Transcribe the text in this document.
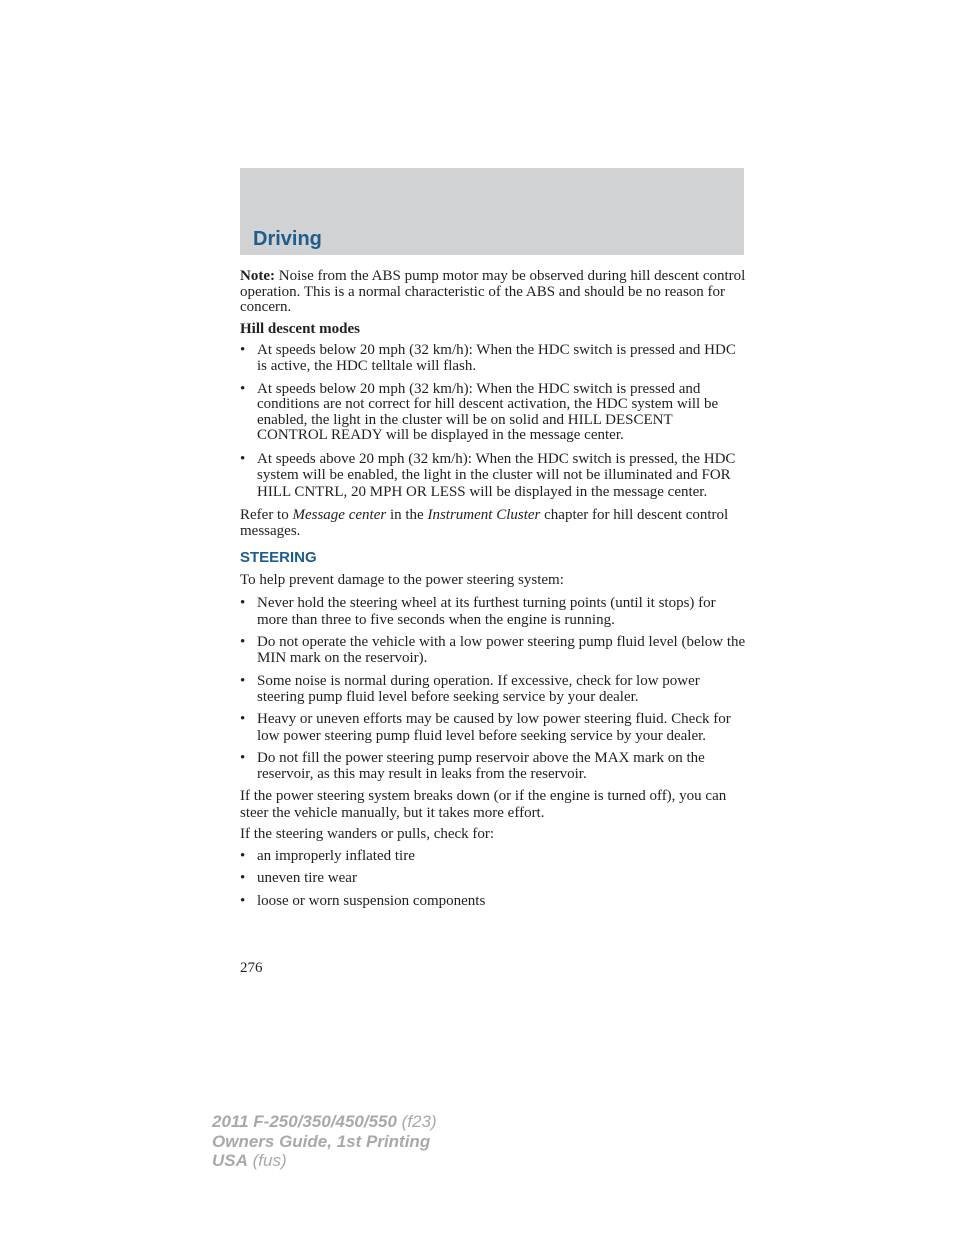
Driving

Note: Noise from the ABS pump motor may be observed during hill descent control operation. This is a normal characteristic of the ABS and should be no reason for concern.

Hill descent modes

• At speeds below 20 mph (32 km/h): When the HDC switch is pressed and HDC is active, the HDC telltale will flash.
• At speeds below 20 mph (32 km/h): When the HDC switch is pressed and conditions are not correct for hill descent activation, the HDC system will be enabled, the light in the cluster will be on solid and HILL DESCENT CONTROL READY will be displayed in the message center.
• At speeds above 20 mph (32 km/h): When the HDC switch is pressed, the HDC system will be enabled, the light in the cluster will not be illuminated and FOR HILL CNTRL, 20 MPH OR LESS will be displayed in the message center.

Refer to Message center in the Instrument Cluster chapter for hill descent control messages.

STEERING

To help prevent damage to the power steering system:

• Never hold the steering wheel at its furthest turning points (until it stops) for more than three to five seconds when the engine is running.
• Do not operate the vehicle with a low power steering pump fluid level (below the MIN mark on the reservoir).
• Some noise is normal during operation. If excessive, check for low power steering pump fluid level before seeking service by your dealer.
• Heavy or uneven efforts may be caused by low power steering fluid. Check for low power steering pump fluid level before seeking service by your dealer.
• Do not fill the power steering pump reservoir above the MAX mark on the reservoir, as this may result in leaks from the reservoir.

If the power steering system breaks down (or if the engine is turned off), you can steer the vehicle manually, but it takes more effort.

If the steering wanders or pulls, check for:

• an improperly inflated tire
• uneven tire wear
• loose or worn suspension components
276
2011 F-250/350/450/550 (f23)
Owners Guide, 1st Printing
USA (fus)
